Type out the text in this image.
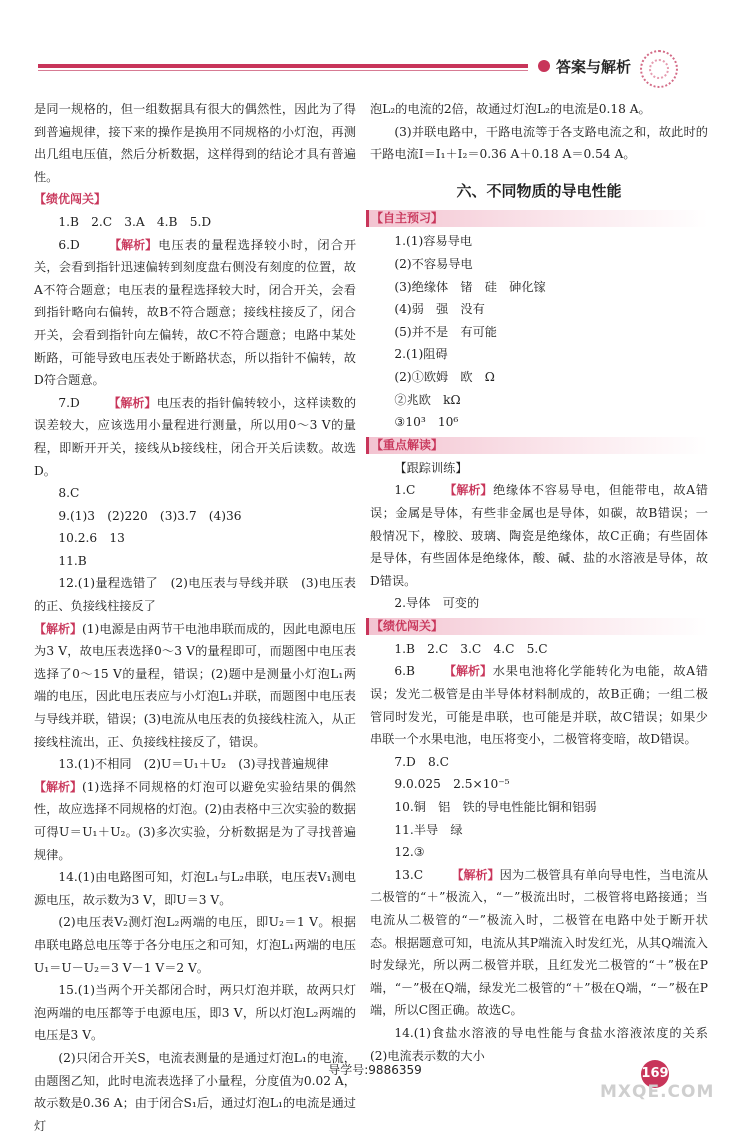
答案与解析

是同一规格的，但一组数据具有很大的偶然性，因此为了得到普遍规律，接下来的操作是换用不同规格的小灯泡，再测出几组电压值，然后分析数据，这样得到的结论才具有普遍性。

【 绩优闯关 】

1.B　2.C　3.A　4.B　5.D

6.D	【 解析 】 电压表的量程选择较小时，闭合开关，会看到指针迅速偏转到刻度盘右侧没有刻度的位置，故A不符合题意；电压表的量程选择较大时，闭合开关，会看到指针略向右偏转，故B不符合题意；接线柱接反了，闭合开关，会看到指针向左偏转，故C不符合题意；电路中某处断路，可能导致电压表处于断路状态，所以指针不偏转，故D符合题意。

7.D	【 解析 】 电压表的指针偏转较小，这样读数的误差较大，应该选用小量程进行测量，所以用0～3 V的量程，即断开开关，接线从b接线柱，闭合开关后读数。故选D。

8.C

9.(1)3　(2)220　(3)3.7　(4)36

10.2.6　13

11.B

12.(1)量程选错了　(2)电压表与导线并联　(3)电压表的正、负接线柱接反了

【 解析 】 (1)电源是由两节干电池串联而成的，因此电源电压为3 V，故电压表选择0～3 V的量程即可，而题图中电压表选择了0～15 V的量程，错误；(2)题中是测量小灯泡L₁两端的电压，因此电压表应与小灯泡L₁并联，而题图中电压表与导线并联，错误；(3)电流从电压表的负接线柱流入，从正接线柱流出，正、负接线柱接反了，错误。

13.(1)不相同　(2)U＝U₁＋U₂　(3)寻找普遍规律

【 解析 】 (1)选择不同规格的灯泡可以避免实验结果的偶然性，故应选择不同规格的灯泡。(2)由表格中三次实验的数据可得U＝U₁＋U₂。(3)多次实验，分析数据是为了寻找普遍规律。

14.(1)由电路图可知，灯泡L₁与L₂串联，电压表V₁测电源电压，故示数为3 V，即U＝3 V。

(2)电压表V₂测灯泡L₂两端的电压，即U₂＝1 V。根据串联电路总电压等于各分电压之和可知，灯泡L₁两端的电压U₁＝U－U₂＝3 V－1 V＝2 V。

15.(1)当两个开关都闭合时，两只灯泡并联，故两只灯泡两端的电压都等于电源电压，即3 V，所以灯泡L₂两端的电压是3 V。

(2)只闭合开关S，电流表测量的是通过灯泡L₁的电流，由题图乙知，此时电流表选择了小量程，分度值为0.02 A，故示数是0.36 A；由于闭合S₁后，通过灯泡L₁的电流是通过灯

泡L₂的电流的2倍，故通过灯泡L₂的电流是0.18 A。

(3)并联电路中，干路电流等于各支路电流之和，故此时的干路电流I＝I₁＋I₂＝0.36 A＋0.18 A＝0.54 A。

六、不同物质的导电性能

【 自主预习 】

1.(1)容易导电

(2)不容易导电

(3)绝缘体　锗　硅　砷化镓

(4)弱　强　没有

(5)并不是　有可能

2.(1)阻碍

(2)①欧姆　欧　Ω

②兆欧　kΩ

③10³　10⁶

【 重点解读 】

【跟踪训练】

1.C	【 解析 】 绝缘体不容易导电，但能带电，故A错误；金属是导体，有些非金属也是导体，如碳，故B错误；一般情况下，橡胶、玻璃、陶瓷是绝缘体，故C正确；有些固体是导体，有些固体是绝缘体，酸、碱、盐的水溶液是导体，故D错误。

2.导体　可变的

【 绩优闯关 】

1.B　2.C　3.C　4.C　5.C

6.B	【 解析 】 水果电池将化学能转化为电能，故A错误；发光二极管是由半导体材料制成的，故B正确；一组二极管同时发光，可能是串联，也可能是并联，故C错误；如果少串联一个水果电池，电压将变小，二极管将变暗，故D错误。

7.D　8.C

9.0.025　2.5×10⁻⁵

10.铜　铝　铁的导电性能比铜和铝弱

11.半导　绿

12.③

13.C	【 解析 】 因为二极管具有单向导电性，当电流从二极管的“＋”极流入，“－”极流出时，二极管将电路接通；当电流从二极管的“－”极流入时，二极管在电路中处于断开状态。根据题意可知，电流从其P端流入时发红光，从其Q端流入时发绿光，所以两二极管并联，且红发光二极管的“＋”极在P端，“－”极在Q端，绿发光二极管的“＋”极在Q端，“－”极在P端，所以C图正确。故选C。

14.(1)食盐水溶液的导电性能与食盐水溶液浓度的关系　(2)电流表示数的大小

导学号:9886359	169
MXQE.COM
